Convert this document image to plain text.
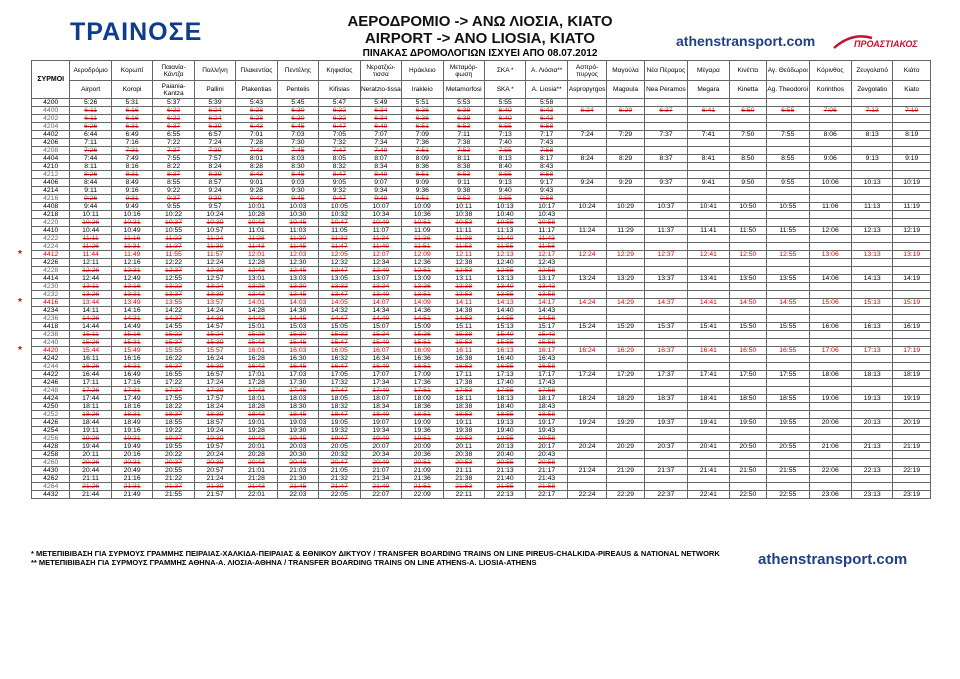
ΤΡΑΙΝΟΣΕ	ΑΕΡΟΔΡΟΜΙΟ -> ΑΝΩ ΛΙΟΣΙΑ, ΚΙΑΤΟ
AIRPORT -> ANO LIOSIA, KIATO	athenstransport.com	ΠΡΟΑΣΤΙΑΚΟΣ
ΠΙΝΑΚΑΣ ΔΡΟΜΟΛΟΓΙΩΝ ΙΣΧΥΕΙ ΑΠΟ 08.07.2012
ΣΥΡΜΟΙ	Αεροδρόμιο	Κορωπί	Παιανία-Κάντζα	Παλλήνη	Πλακεντίας	Πεντέλης	Κηφισίας	Νερατζιώ-τισσα	Ηράκλειο	Μεταμόρ-φωση	ΣΚΑ *	Α. Λιόσια**	Ασπρό-πυργος	Μαγούλα	Νέα Πέραμος	Μέγαρα	Κινέττα	Αγ. Θεόδωροι	Κόρινθος	Ζευγολατιό	Κιάτο
	Airport	Koropi	Paiania-Kantza	Pallini	Plakentias	Pentelis	Kifisias	Neratzio-tissa	Irakleio	Metamorfosi	SKA *	A. Liosia**	Aspropyrgos	Magoula	Nea Peramos	Megara	Kinetta	Ag. Theodoroi	Korinthos	Zevgolatio	Kiato
4200	5:26	5:31	5:37	5:39	5:43	5:45	5:47	5:49	5:51	5:53	5:55	5:58									
4400	6:11	6:16	6:22	6:24	6:28	6:30	6:32	6:34	6:36	6:38	6:40	6:43	6:24	6:29	6:37	6:41	6:50	6:55	7:06	7:13	7:19
4202	6:11	6:16	6:22	6:24	6:28	6:30	6:32	6:34	6:36	6:38	6:40	6:43									
4204	6:26	6:31	6:37	6:39	6:43	6:45	6:47	6:49	6:51	6:53	6:55	6:58									
4402	6:44	6:49	6:55	6:57	7:01	7:03	7:05	7:07	7:09	7:11	7:13	7:17	7:24	7:29	7:37	7:41	7:50	7:55	8:06	8:13	8:19
4206	7:11	7:16	7:22	7:24	7:28	7:30	7:32	7:34	7:36	7:38	7:40	7:43									
4208	7:26	7:31	7:37	7:39	7:43	7:45	7:47	7:49	7:51	7:53	7:55	7:58									
4404	7:44	7:49	7:55	7:57	8:01	8:03	8:05	8:07	8:09	8:11	8:13	8:17	8:24	8:29	8:37	8:41	8:50	8:55	9:06	9:13	9:19
4210	8:11	8:16	8:22	8:24	8:28	8:30	8:32	8:34	8:36	8:38	8:40	8:43									
4212	8:26	8:31	8:37	8:39	8:43	8:45	8:47	8:49	8:51	8:53	8:55	8:58									
4406	8:44	8:49	8:55	8:57	9:01	9:03	9:05	9:07	9:09	9:11	9:13	9:17	9:24	9:29	9:37	9:41	9:50	9:55	10:06	10:13	10:19
4214	9:11	9:16	9:22	9:24	9:28	9:30	9:32	9:34	9:36	9:38	9:40	9:43									
4216	9:26	9:31	9:37	9:39	9:43	9:45	9:47	9:49	9:51	9:53	9:55	9:58									
4408	9:44	9:49	9:55	9:57	10:01	10:03	10:05	10:07	10:09	10:11	10:13	10:17	10:24	10:29	10:37	10:41	10:50	10:55	11:06	11:13	11:19
4218	10:11	10:16	10:22	10:24	10:28	10:30	10:32	10:34	10:36	10:38	10:40	10:43									
4220	10:26	10:31	10:37	10:39	10:43	10:45	10:47	10:49	10:51	10:53	10:55	10:58									
4410	10:44	10:49	10:55	10:57	11:01	11:03	11:05	11:07	11:09	11:11	11:13	11:17	11:24	11:29	11:37	11:41	11:50	11:55	12:06	12:13	12:19
4222	11:11	11:16	11:22	11:24	11:28	11:30	11:32	11:34	11:36	11:38	11:40	11:43									
4224	11:26	11:31	11:37	11:39	11:43	11:45	11:47	11:49	11:51	11:53	11:55	11:58									
4412	11:44	11:49	11:55	11:57	12:01	12:03	12:05	12:07	12:09	12:11	12:13	12:17	12:24	12:29	12:37	12:41	12:50	12:55	13:06	13:13	13:19
4226	12:11	12:16	12:22	12:24	12:28	12:30	12:32	12:34	12:36	12:38	12:40	12:43									
4228	12:26	12:31	12:37	12:39	12:43	12:45	12:47	12:49	12:51	12:53	12:55	12:58									
4414	12:44	12:49	12:55	12:57	13:01	13:03	13:05	13:07	13:09	13:11	13:13	13:17	13:24	13:29	13:37	13:41	13:50	13:55	14:06	14:13	14:19
4230	13:11	13:16	13:22	13:24	13:28	13:30	13:32	13:34	13:36	13:38	13:40	13:43									
4232	13:26	13:31	13:37	13:39	13:43	13:45	13:47	13:49	13:51	13:53	13:55	13:58									
4416	13:44	13:49	13:55	13:57	14:01	14:03	14:05	14:07	14:09	14:11	14:13	14:17	14:24	14:29	14:37	14:41	14:50	14:55	15:06	15:13	15:19
4234	14:11	14:16	14:22	14:24	14:28	14:30	14:32	14:34	14:36	14:38	14:40	14:43									
4236	14:26	14:31	14:37	14:39	14:43	14:45	14:47	14:49	14:51	14:53	14:55	14:58									
4418	14:44	14:49	14:55	14:57	15:01	15:03	15:05	15:07	15:09	15:11	15:13	15:17	15:24	15:29	15:37	15:41	15:50	15:55	16:06	16:13	16:19
4238	15:11	15:16	15:22	15:24	15:28	15:30	15:32	15:34	15:36	15:38	15:40	15:43									
4240	15:26	15:31	15:37	15:39	15:43	15:45	15:47	15:49	15:51	15:53	15:55	15:58									
4420	15:44	15:49	15:55	15:57	16:01	16:03	16:05	16:07	16:09	16:11	16:13	16:17	16:24	16:29	16:37	16:41	16:50	16:55	17:06	17:13	17:19
4242	16:11	16:16	16:22	16:24	16:28	16:30	16:32	16:34	16:36	16:38	16:40	16:43									
4244	16:26	16:31	16:37	16:39	16:43	16:45	16:47	16:49	16:51	16:53	16:55	16:58									
4422	16:44	16:49	16:55	16:57	17:01	17:03	17:05	17:07	17:09	17:11	17:13	17:17	17:24	17:29	17:37	17:41	17:50	17:55	18:06	18:13	18:19
4246	17:11	17:16	17:22	17:24	17:28	17:30	17:32	17:34	17:36	17:38	17:40	17:43									
4248	17:26	17:31	17:37	17:39	17:43	17:45	17:47	17:49	17:51	17:53	17:55	17:58									
4424	17:44	17:49	17:55	17:57	18:01	18:03	18:05	18:07	18:09	18:11	18:13	18:17	18:24	18:29	18:37	18:41	18:50	18:55	19:06	19:13	19:19
4250	18:11	18:16	18:22	18:24	18:28	18:30	18:32	18:34	18:36	18:38	18:40	18:43									
4252	18:26	18:31	18:37	18:39	18:43	18:45	18:47	18:49	18:51	18:53	18:55	18:58									
4426	18:44	18:49	18:55	18:57	19:01	19:03	19:05	19:07	19:09	19:11	19:13	19:17	19:24	19:29	19:37	19:41	19:50	19:55	20:06	20:13	20:19
4254	19:11	19:16	19:22	19:24	19:28	19:30	19:32	19:34	19:36	19:38	19:40	19:43									
4256	19:26	19:31	19:37	19:39	19:43	19:45	19:47	19:49	19:51	19:53	19:55	19:58									
4428	19:44	19:49	19:55	19:57	20:01	20:03	20:05	20:07	20:09	20:11	20:13	20:17	20:24	20:29	20:37	20:41	20:50	20:55	21:06	21:13	21:19
4258	20:11	20:16	20:22	20:24	20:28	20:30	20:32	20:34	20:36	20:38	20:40	20:43									
4260	20:26	20:31	20:37	20:39	20:43	20:45	20:47	20:49	20:51	20:53	20:55	20:58									
4430	20:44	20:49	20:55	20:57	21:01	21:03	21:05	21:07	21:09	21:11	21:13	21:17	21:24	21:29	21:37	21:41	21:50	21:55	22:06	22:13	22:19
4262	21:11	21:16	21:22	21:24	21:28	21:30	21:32	21:34	21:36	21:38	21:40	21:43									
4264	21:26	21:31	21:37	21:39	21:43	21:45	21:47	21:49	21:51	21:53	21:55	21:58									
4432	21:44	21:49	21:55	21:57	22:01	22:03	22:05	22:07	22:09	22:11	22:13	22:17	22:24	22:29	22:37	22:41	22:50	22:55	23:06	23:13	23:19
*
*
*
* ΜΕΤΕΠΙΒΙΒΑΣΗ ΓΙΑ ΣΥΡΜΟΥΣ ΓΡΑΜΜΗΣ ΠΕΙΡΑΙΑΣ-ΧΑΛΚΙΔΑ-ΠΕΙΡΑΙΑΣ & ΕΘΝΙΚΟΥ ΔΙΚΤΥΟΥ / TRANSFER BOARDING TRAINS ON LINE PIREUS-CHALKIDA-PIREAUS & NATIONAL NETWORK
** ΜΕΤΕΠΙΒΙΒΑΣΗ ΓΙΑ ΣΥΡΜΟΥΣ ΓΡΑΜΜΗΣ ΑΘΗΝΑ-Α. ΛΙΟΣΙΑ-ΑΘΗΝΑ / TRANSFER BOARDING TRAINS ON LINE ATHENS-A. LIOSIA-ATHENS	athenstransport.com
